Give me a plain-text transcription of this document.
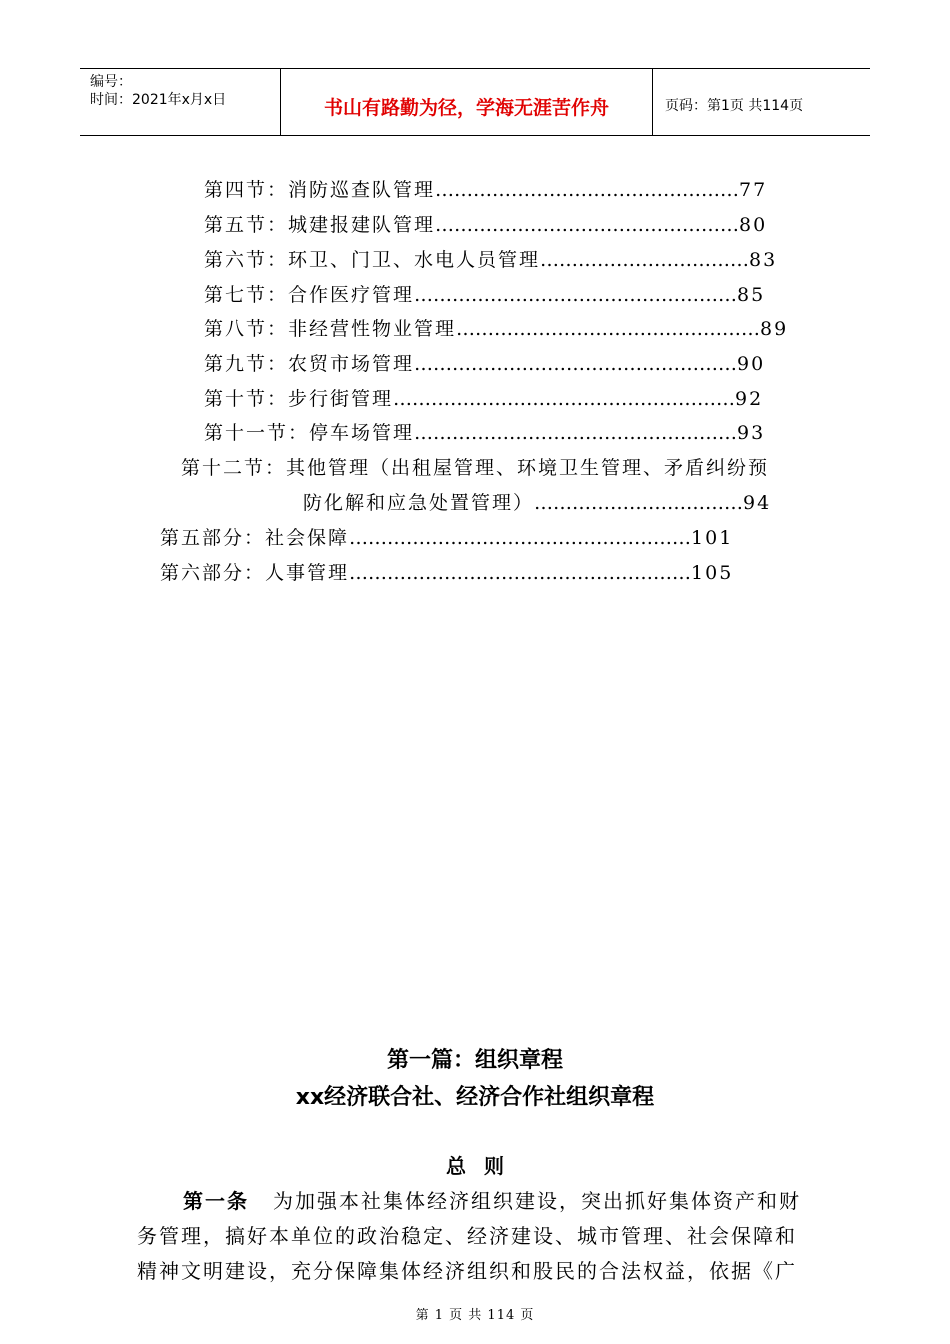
编号：
时间：2021年x月x日	书山有路勤为径，学海无涯苦作舟	页码：第1页 共114页
第四节：消防巡查队管理…………………………………………77
第五节：城建报建队管理…………………………………………80
第六节：环卫、门卫、水电人员管理……………………………83
第七节：合作医疗管理……………………………………………85
第八节：非经营性物业管理…………………………………………89
第九节：农贸市场管理……………………………………………90
第十节：步行街管理………………………………………………92
第十一节：停车场管理……………………………………………93
第十二节：其他管理（出租屋管理、环境卫生管理、矛盾纠纷预
防化解和应急处置管理）……………………………94
第五部分：社会保障………………………………………………101
第六部分：人事管理………………………………………………105
第一篇：组织章程
xx经济联合社、经济合作社组织章程
总则
第一条 为加强本社集体经济组织建设，突出抓好集体资产和财
务管理，搞好本单位的政治稳定、经济建设、城市管理、社会保障和
精神文明建设，充分保障集体经济组织和股民的合法权益，依据《广
第 1 页 共 114 页
